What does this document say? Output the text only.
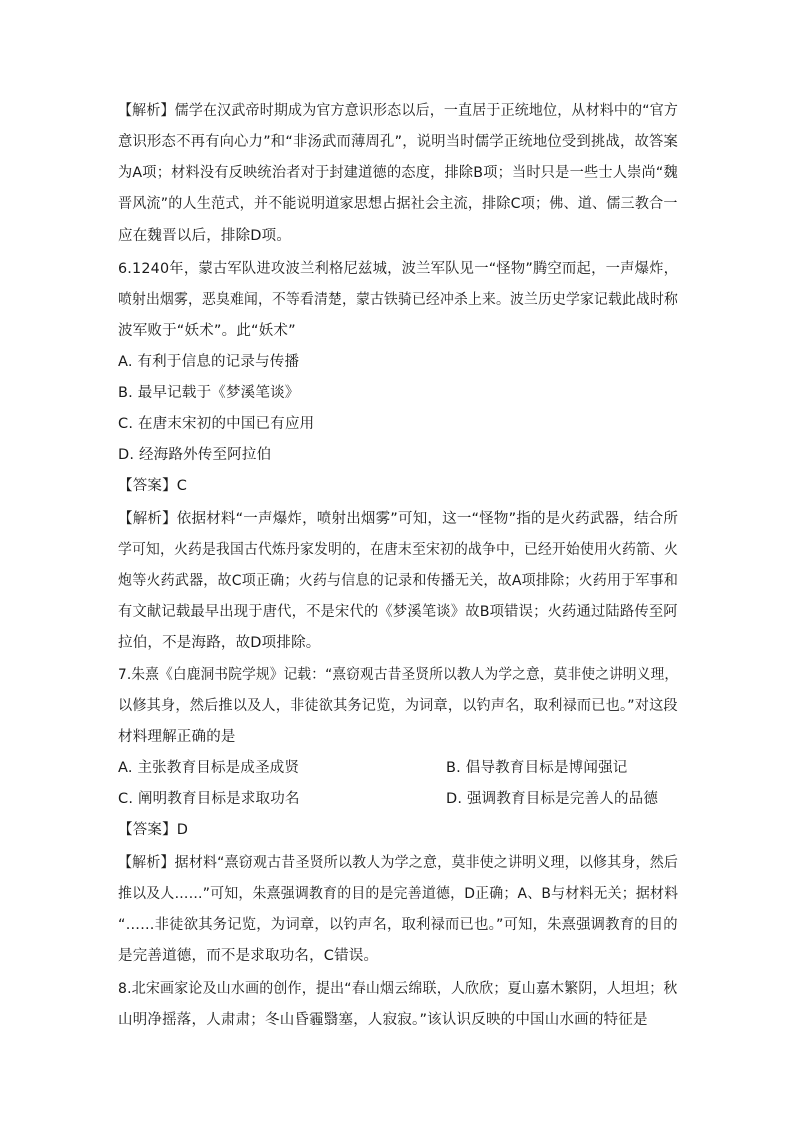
【解析】儒学在汉武帝时期成为官方意识形态以后，一直居于正统地位，从材料中的“官方
意识形态不再有向心力”和“非汤武而薄周孔”，说明当时儒学正统地位受到挑战，故答案
为A项；材料没有反映统治者对于封建道德的态度，排除B项；当时只是一些士人崇尚“魏
晋风流”的人生范式，并不能说明道家思想占据社会主流，排除C项；佛、道、儒三教合一
应在魏晋以后，排除D项。
6.1240年，蒙古军队进攻波兰利格尼兹城，波兰军队见一“怪物”腾空而起，一声爆炸，
喷射出烟雾，恶臭难闻，不等看清楚，蒙古铁骑已经冲杀上来。波兰历史学家记载此战时称
波军败于“妖术”。此“妖术”
A. 有利于信息的记录与传播
B. 最早记载于《梦溪笔谈》
C. 在唐末宋初的中国已有应用
D. 经海路外传至阿拉伯
【答案】C
【解析】依据材料“一声爆炸，喷射出烟雾”可知，这一“怪物”指的是火药武器，结合所
学可知，火药是我国古代炼丹家发明的，在唐末至宋初的战争中，已经开始使用火药箭、火
炮等火药武器，故C项正确；火药与信息的记录和传播无关，故A项排除；火药用于军事和
有文献记载最早出现于唐代，不是宋代的《梦溪笔谈》故B项错误；火药通过陆路传至阿
拉伯，不是海路，故D项排除。
7.朱熹《白鹿洞书院学规》记载：“熹窃观古昔圣贤所以教人为学之意，莫非使之讲明义理，
以修其身，然后推以及人，非徒欲其务记览，为词章，以钓声名，取利禄而已也。”对这段
材料理解正确的是
A. 主张教育目标是成圣成贤	B. 倡导教育目标是博闻强记
C. 阐明教育目标是求取功名	D. 强调教育目标是完善人的品德
【答案】D
【解析】据材料“熹窃观古昔圣贤所以教人为学之意，莫非使之讲明义理，以修其身，然后
推以及人……”可知，朱熹强调教育的目的是完善道德，D正确；A、B与材料无关；据材料
“……非徒欲其务记览，为词章，以钓声名，取利禄而已也。”可知，朱熹强调教育的目的
是完善道德，而不是求取功名，C错误。
8.北宋画家论及山水画的创作，提出“春山烟云绵联，人欣欣；夏山嘉木繁阴，人坦坦；秋
山明净摇落，人肃肃；冬山昏霾翳塞，人寂寂。”该认识反映的中国山水画的特征是
